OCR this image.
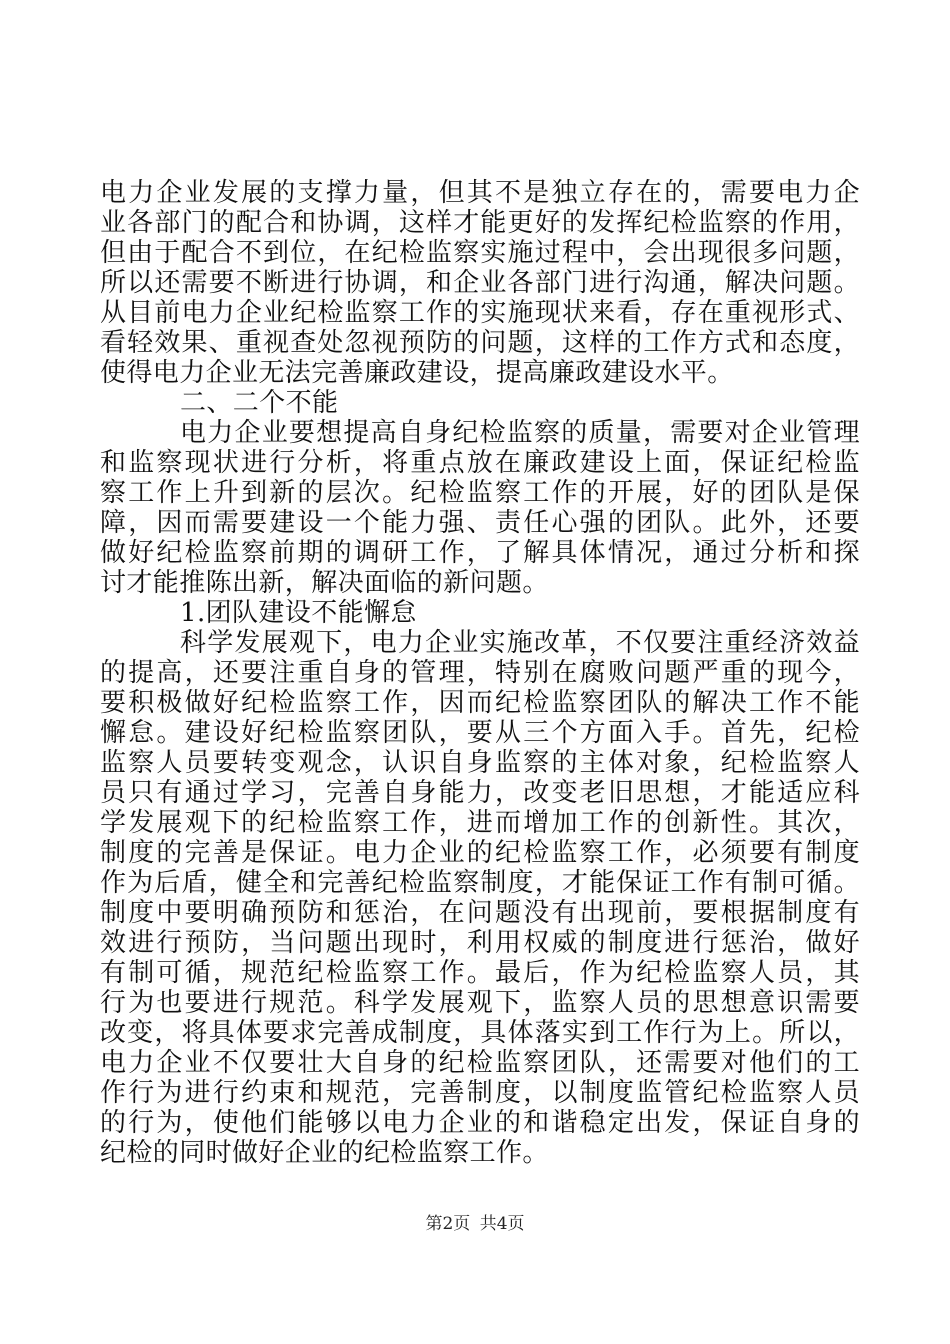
电力企业发展的支撑力量，但其不是独立存在的，需要电力企
业各部门的配合和协调，这样才能更好的发挥纪检监察的作用，
但由于配合不到位，在纪检监察实施过程中，会出现很多问题，
所以还需要不断进行协调，和企业各部门进行沟通，解决问题。
从目前电力企业纪检监察工作的实施现状来看，存在重视形式、
看轻效果、重视查处忽视预防的问题，这样的工作方式和态度，
使得电力企业无法完善廉政建设，提高廉政建设水平。
二、二个不能
电力企业要想提高自身纪检监察的质量，需要对企业管理
和监察现状进行分析，将重点放在廉政建设上面，保证纪检监
察工作上升到新的层次。纪检监察工作的开展，好的团队是保
障，因而需要建设一个能力强、责任心强的团队。此外，还要
做好纪检监察前期的调研工作，了解具体情况，通过分析和探
讨才能推陈出新，解决面临的新问题。
1.团队建设不能懈怠
科学发展观下，电力企业实施改革，不仅要注重经济效益
的提高，还要注重自身的管理，特别在腐败问题严重的现今，
要积极做好纪检监察工作，因而纪检监察团队的解决工作不能
懈怠。建设好纪检监察团队，要从三个方面入手。首先，纪检
监察人员要转变观念，认识自身监察的主体对象，纪检监察人
员只有通过学习，完善自身能力，改变老旧思想，才能适应科
学发展观下的纪检监察工作，进而增加工作的创新性。其次，
制度的完善是保证。电力企业的纪检监察工作，必须要有制度
作为后盾，健全和完善纪检监察制度，才能保证工作有制可循。
制度中要明确预防和惩治，在问题没有出现前，要根据制度有
效进行预防，当问题出现时，利用权威的制度进行惩治，做好
有制可循，规范纪检监察工作。最后，作为纪检监察人员，其
行为也要进行规范。科学发展观下，监察人员的思想意识需要
改变，将具体要求完善成制度，具体落实到工作行为上。所以，
电力企业不仅要壮大自身的纪检监察团队，还需要对他们的工
作行为进行约束和规范，完善制度，以制度监管纪检监察人员
的行为，使他们能够以电力企业的和谐稳定出发，保证自身的
纪检的同时做好企业的纪检监察工作。
第2页 共4页
